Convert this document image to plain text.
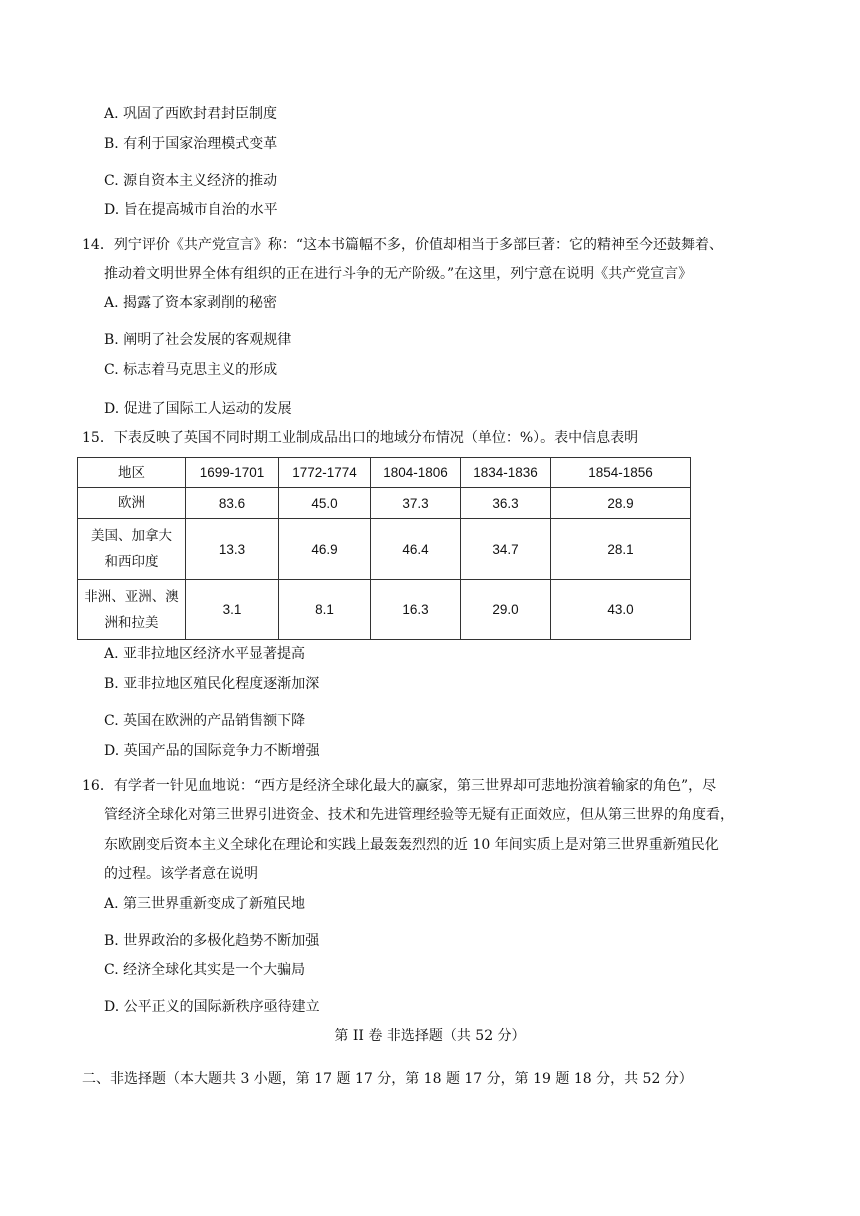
A. 巩固了西欧封君封臣制度
B. 有利于国家治理模式变革
C. 源自资本主义经济的推动
D. 旨在提高城市自治的水平
14．列宁评价《共产党宣言》称：“这本书篇幅不多，价值却相当于多部巨著：它的精神至今还鼓舞着、
推动着文明世界全体有组织的正在进行斗争的无产阶级。”在这里，列宁意在说明《共产党宣言》
A. 揭露了资本家剥削的秘密
B. 阐明了社会发展的客观规律
C. 标志着马克思主义的形成
D. 促进了国际工人运动的发展
15．下表反映了英国不同时期工业制成品出口的地域分布情况（单位：%）。表中信息表明
地区	1699-1701	1772-1774	1804-1806	1834-1836	1854-1856

欧洲	83.6	45.0	37.3	36.3	28.9

美国、加拿大
和西印度	13.3	46.9	46.4	34.7	28.1

非洲、亚洲、澳
洲和拉美	3.1	8.1	16.3	29.0	43.0
A. 亚非拉地区经济水平显著提高
B. 亚非拉地区殖民化程度逐渐加深
C. 英国在欧洲的产品销售额下降
D. 英国产品的国际竞争力不断增强
16．有学者一针见血地说：“西方是经济全球化最大的赢家，第三世界却可悲地扮演着输家的角色”，尽
管经济全球化对第三世界引进资金、技术和先进管理经验等无疑有正面效应，但从第三世界的角度看，
东欧剧变后资本主义全球化在理论和实践上最轰轰烈烈的近 10 年间实质上是对第三世界重新殖民化
的过程。该学者意在说明
A. 第三世界重新变成了新殖民地
B. 世界政治的多极化趋势不断加强
C. 经济全球化其实是一个大骗局
D. 公平正义的国际新秩序亟待建立
第 II 卷 非选择题（共 52 分）
二、非选择题（本大题共 3 小题，第 17 题 17 分，第 18 题 17 分，第 19 题 18 分，共 52 分）
